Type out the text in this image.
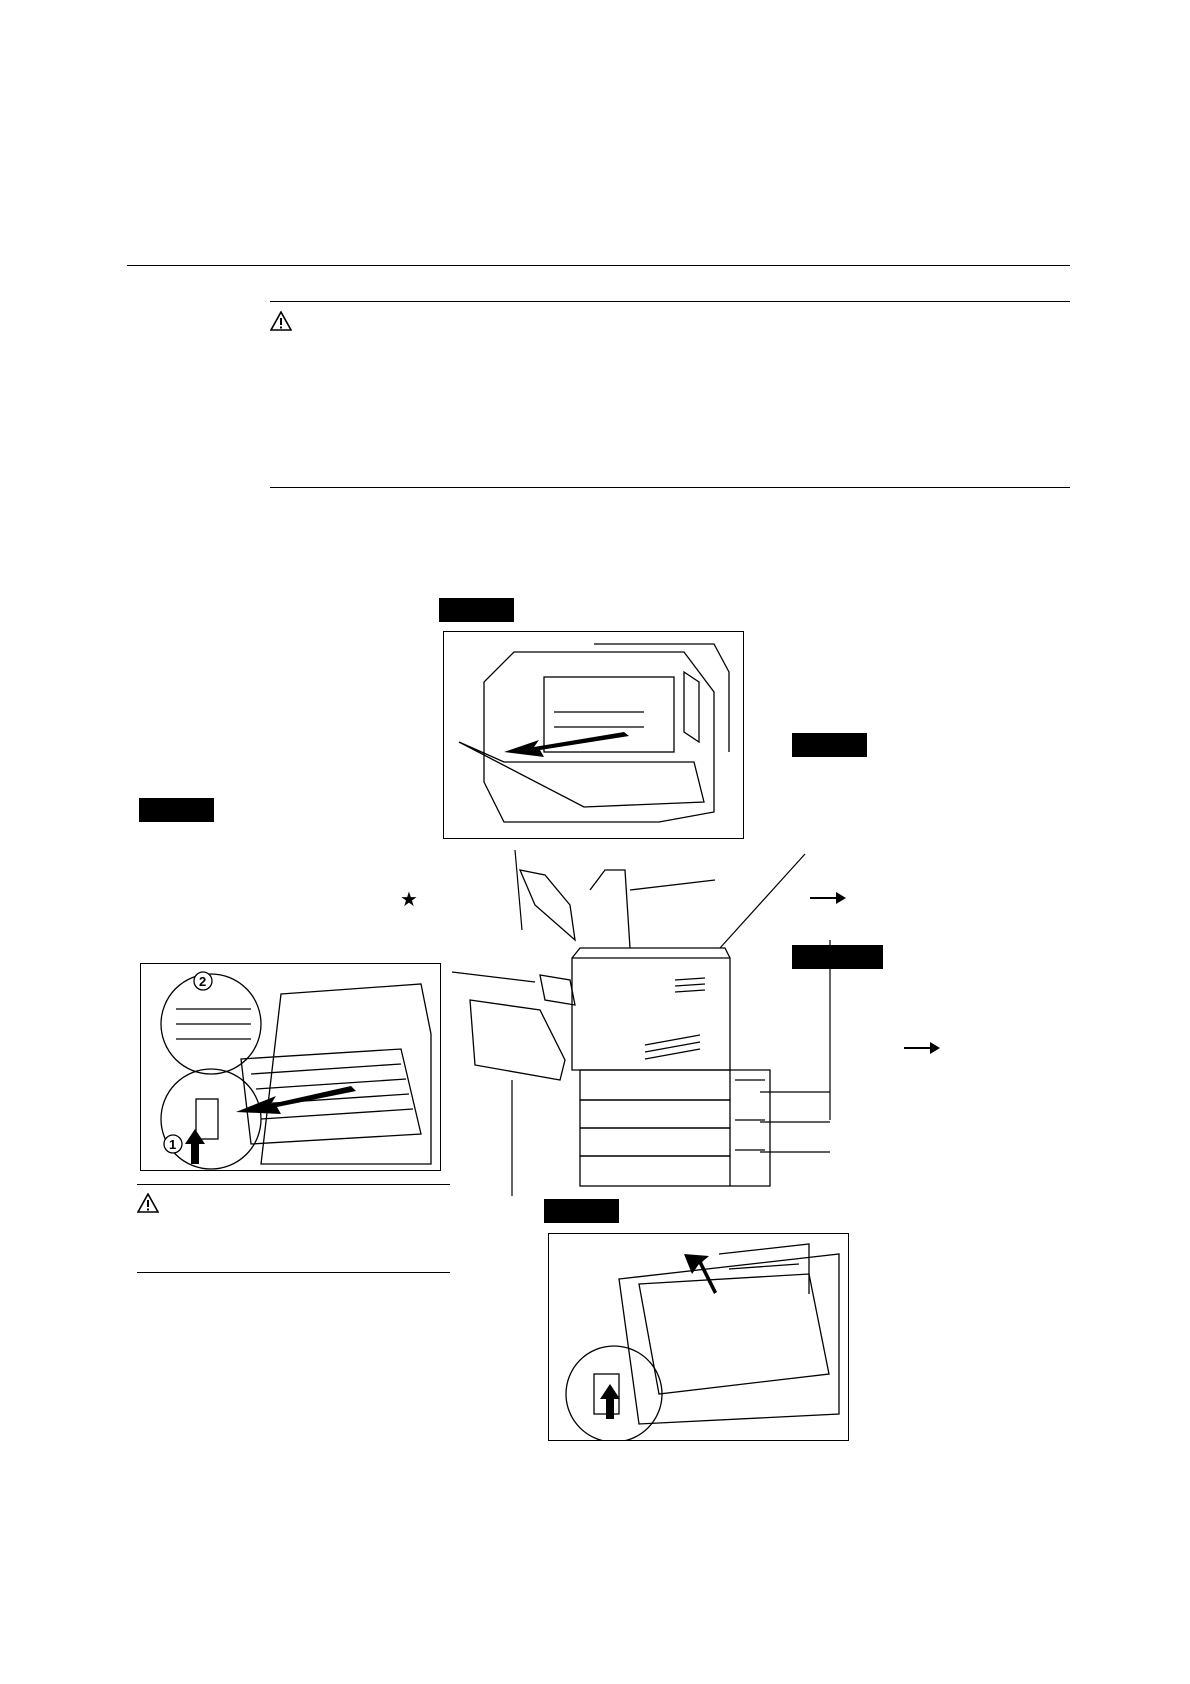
★
2
1
